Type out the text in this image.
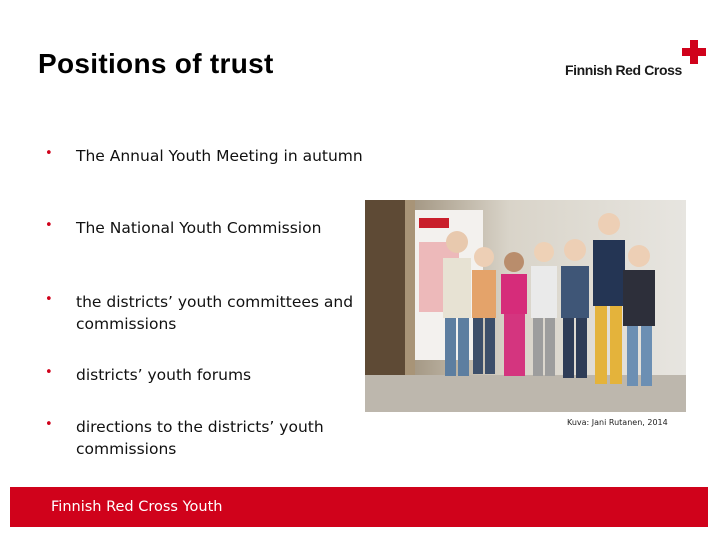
Positions of trust	Finnish Red Cross
• The Annual Youth Meeting in autumn
• The National Youth Commission
• the districts’ youth committees and commissions
• districts’ youth forums
• directions to the districts’ youth commissions
Kuva: Jani Rutanen, 2014
Finnish Red Cross Youth
